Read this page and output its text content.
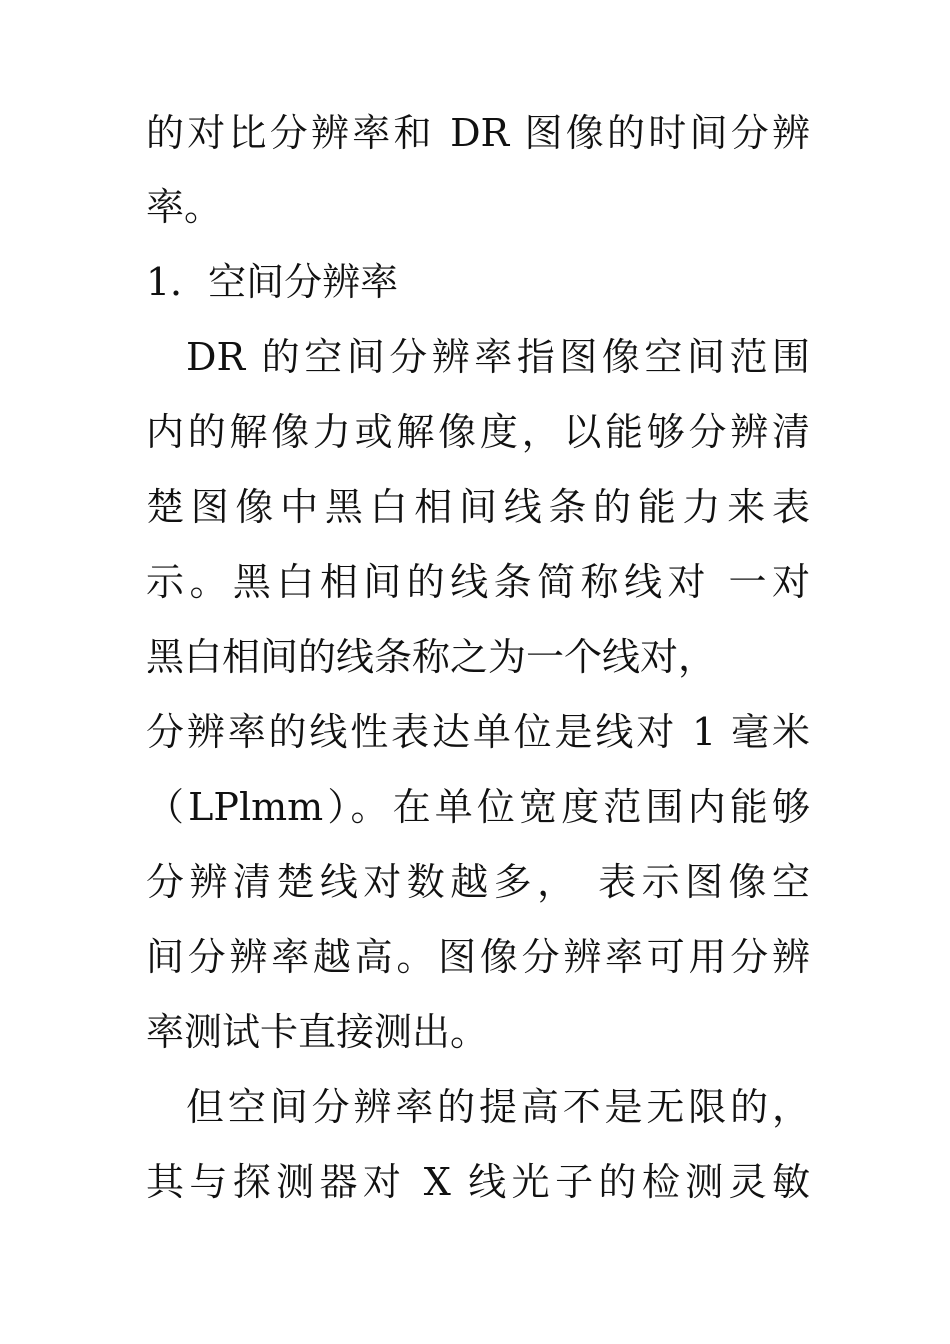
的对比分辨率和 DR 图像的时间分辨
率。
1．空间分辨率
DR 的空间分辨率指图像空间范围
内的解像力或解像度，以能够分辨清
楚图像中黑白相间线条的能力来表
示。黑白相间的线条简称线对 一对
黑白相间的线条称之为一个线对，
分辨率的线性表达单位是线对 1 毫米
（LPlmm）。在单位宽度范围内能够
分辨清楚线对数越多， 表示图像空
间分辨率越高。图像分辨率可用分辨
率测试卡直接测出。
但空间分辨率的提高不是无限的，
其与探测器对 X 线光子的检测灵敏
